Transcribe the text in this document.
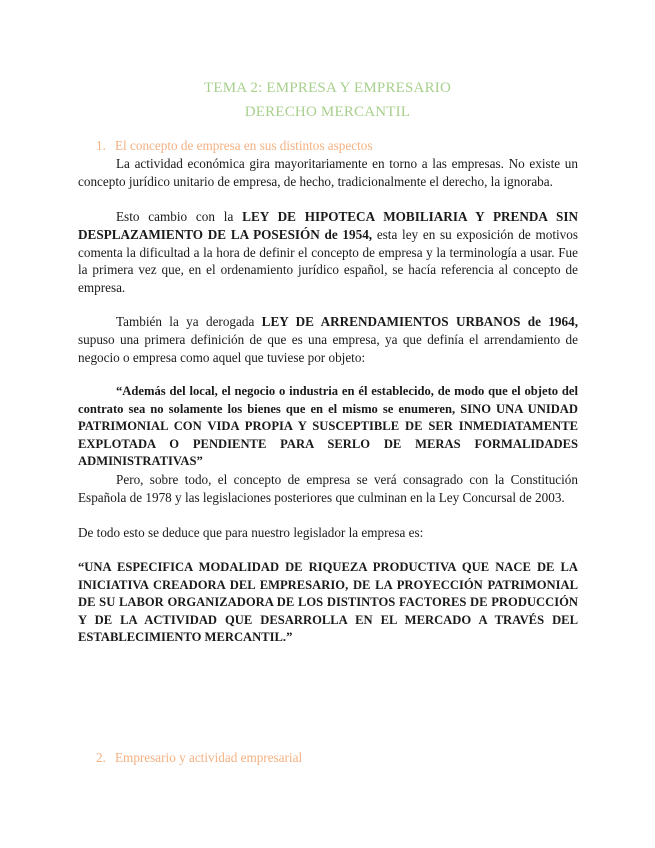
TEMA 2: EMPRESA Y EMPRESARIO
DERECHO MERCANTIL
1. El concepto de empresa en sus distintos aspectos
La actividad económica gira mayoritariamente en torno a las empresas. No existe un concepto jurídico unitario de empresa, de hecho, tradicionalmente el derecho, la ignoraba.
Esto cambio con la LEY DE HIPOTECA MOBILIARIA Y PRENDA SIN DESPLAZAMIENTO DE LA POSESIÓN de 1954, esta ley en su exposición de motivos comenta la dificultad a la hora de definir el concepto de empresa y la terminología a usar. Fue la primera vez que, en el ordenamiento jurídico español, se hacía referencia al concepto de empresa.
También la ya derogada LEY DE ARRENDAMIENTOS URBANOS de 1964, supuso una primera definición de que es una empresa, ya que definía el arrendamiento de negocio o empresa como aquel que tuviese por objeto:
“Además del local, el negocio o industria en él establecido, de modo que el objeto del contrato sea no solamente los bienes que en el mismo se enumeren, SINO UNA UNIDAD PATRIMONIAL CON VIDA PROPIA Y SUSCEPTIBLE DE SER INMEDIATAMENTE EXPLOTADA O PENDIENTE PARA SERLO DE MERAS FORMALIDADES ADMINISTRATIVAS”
Pero, sobre todo, el concepto de empresa se verá consagrado con la Constitución Española de 1978 y las legislaciones posteriores que culminan en la Ley Concursal de 2003.
De todo esto se deduce que para nuestro legislador la empresa es:
“UNA ESPECIFICA MODALIDAD DE RIQUEZA PRODUCTIVA QUE NACE DE LA INICIATIVA CREADORA DEL EMPRESARIO, DE LA PROYECCIÓN PATRIMONIAL DE SU LABOR ORGANIZADORA DE LOS DISTINTOS FACTORES DE PRODUCCIÓN Y DE LA ACTIVIDAD QUE DESARROLLA EN EL MERCADO A TRAVÉS DEL ESTABLECIMIENTO MERCANTIL.”
2. Empresario y actividad empresarial
